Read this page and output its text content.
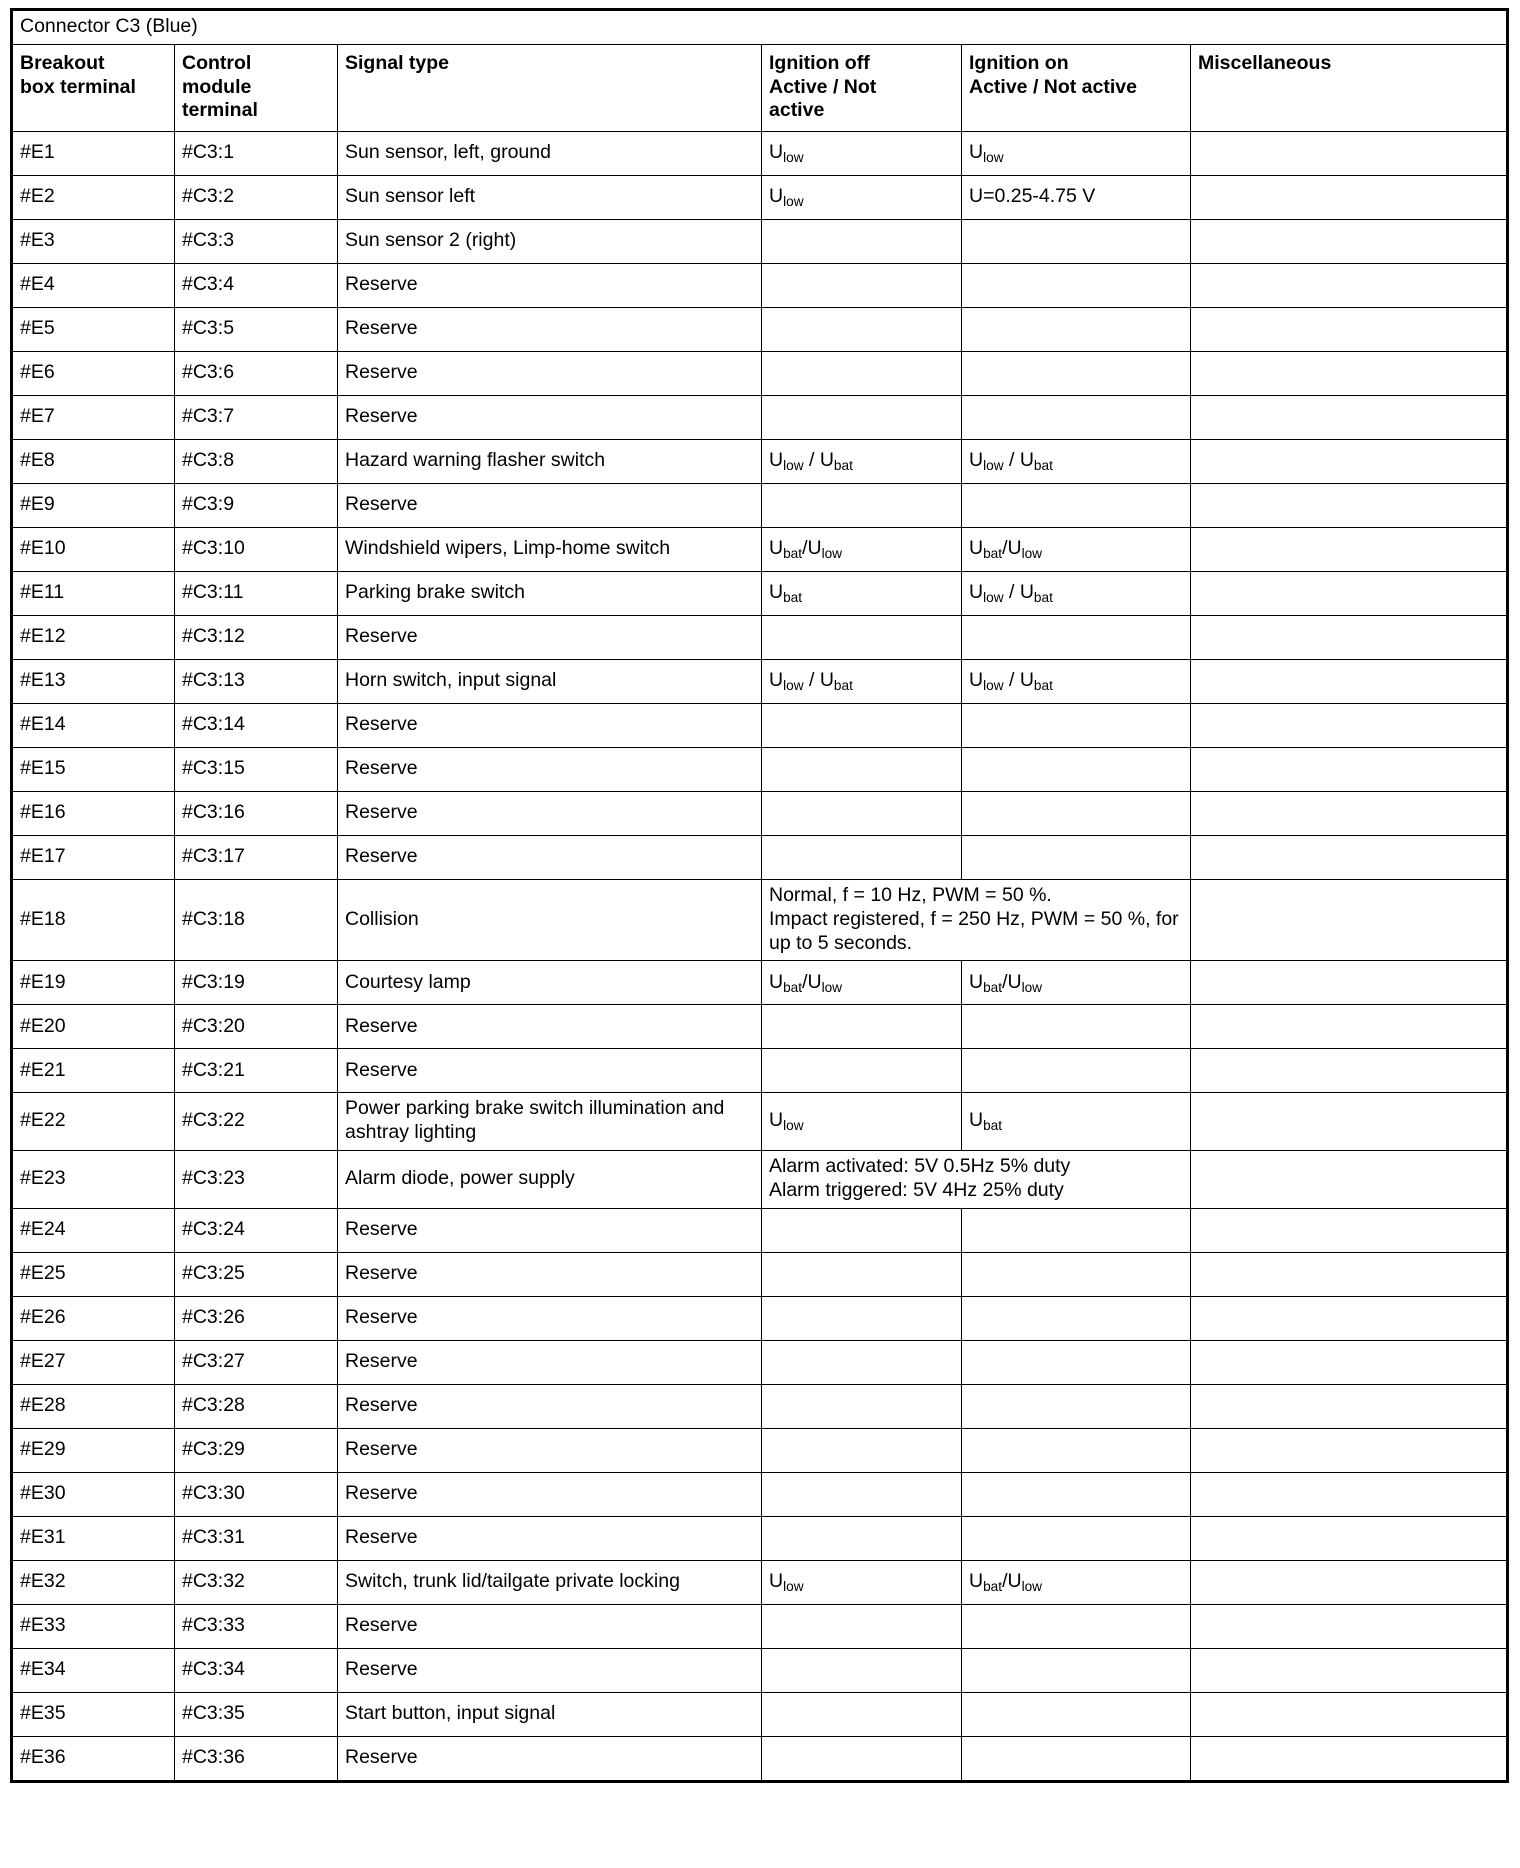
Connector C3 (Blue)					
Breakout
box terminal	Control
module
terminal	Signal type	Ignition off
Active / Not
active	Ignition on
Active / Not active	Miscellaneous
#E1	#C3:1	Sun sensor, left, ground	$U_{low}$	$U_{low}$	
#E2	#C3:2	Sun sensor left	$U_{low}$	U=0.25-4.75 V	
#E3	#C3:3	Sun sensor 2 (right)			
#E4	#C3:4	Reserve			
#E5	#C3:5	Reserve			
#E6	#C3:6	Reserve			
#E7	#C3:7	Reserve			
#E8	#C3:8	Hazard warning flasher switch	$U_{low} / U_{bat}$	$U_{low} / U_{bat}$	
#E9	#C3:9	Reserve			
#E10	#C3:10	Windshield wipers, Limp-home switch	$U_{bat}/U_{low}$	$U_{bat}/U_{low}$	
#E11	#C3:11	Parking brake switch	$U_{bat}$	$U_{low} / U_{bat}$	
#E12	#C3:12	Reserve			
#E13	#C3:13	Horn switch, input signal	$U_{low} / U_{bat}$	$U_{low} / U_{bat}$	
#E14	#C3:14	Reserve			
#E15	#C3:15	Reserve			
#E16	#C3:16	Reserve			
#E17	#C3:17	Reserve			
#E18	#C3:18	Collision	Normal, f = 10 Hz, PWM = 50 %.
Impact registered, f = 250 Hz, PWM = 50 %, for up to 5 seconds.		
#E19	#C3:19	Courtesy lamp	$U_{bat}/U_{low}$	$U_{bat}/U_{low}$	
#E20	#C3:20	Reserve			
#E21	#C3:21	Reserve			
#E22	#C3:22	Power parking brake switch illumination and ashtray lighting	$U_{low}$	$U_{bat}$	
#E23	#C3:23	Alarm diode, power supply	Alarm activated: 5V 0.5Hz 5% duty
Alarm triggered: 5V 4Hz 25% duty		
#E24	#C3:24	Reserve			
#E25	#C3:25	Reserve			
#E26	#C3:26	Reserve			
#E27	#C3:27	Reserve			
#E28	#C3:28	Reserve			
#E29	#C3:29	Reserve			
#E30	#C3:30	Reserve			
#E31	#C3:31	Reserve			
#E32	#C3:32	Switch, trunk lid/tailgate private locking	$U_{low}$	$U_{bat}/U_{low}$	
#E33	#C3:33	Reserve			
#E34	#C3:34	Reserve			
#E35	#C3:35	Start button, input signal			
#E36	#C3:36	Reserve			
